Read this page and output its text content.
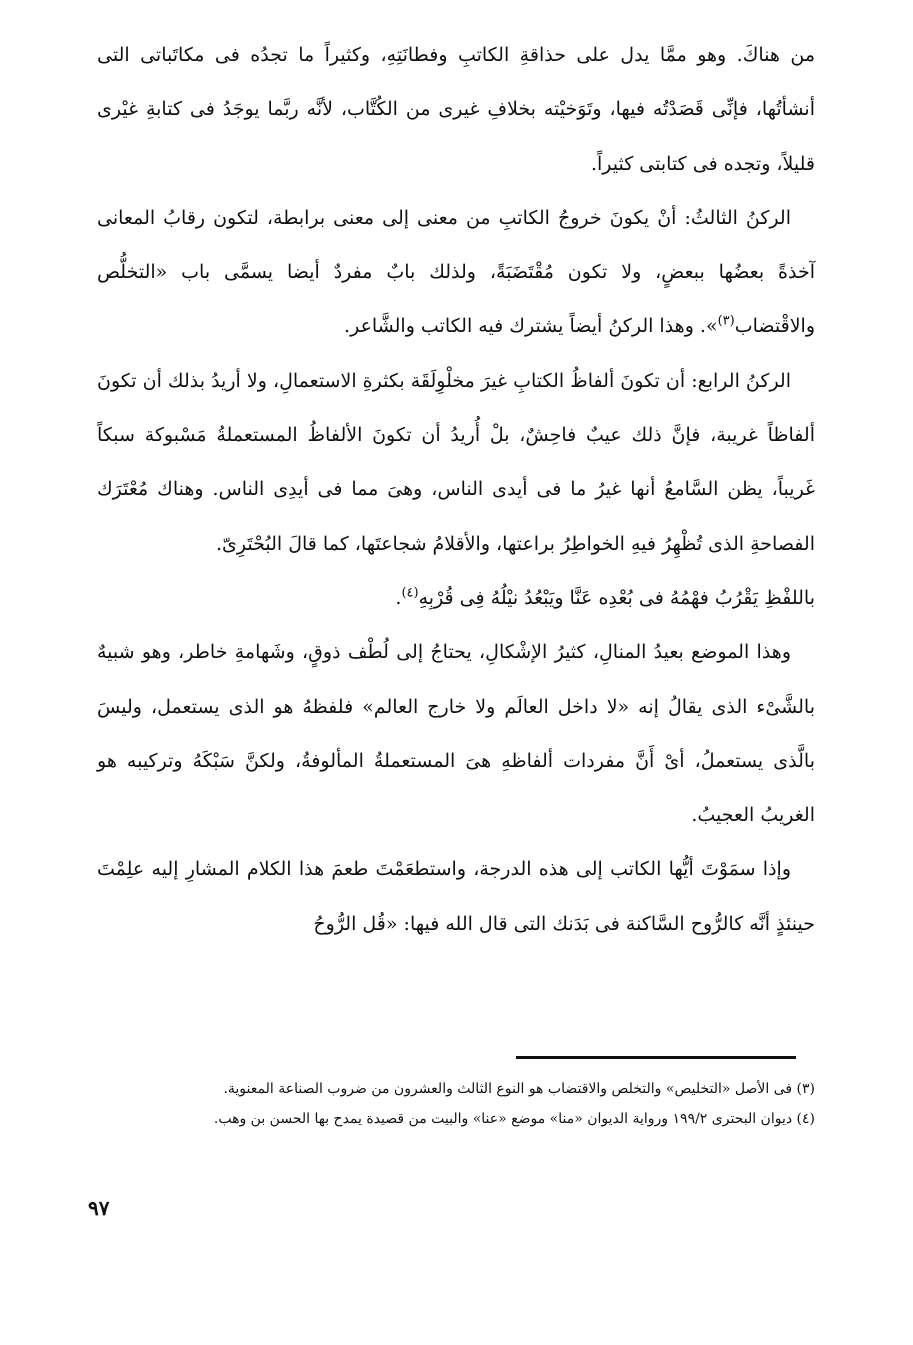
من هناكَ. وهو ممَّا يدل على حذاقةِ الكاتبِ وفطانَتِهِ، وكثيراً ما تجدُه فى مكاتَباتى التى أنشأتُها، فإنِّى قَصَدْتُه فيها، وتَوَخيْته بخلافِ غيرى من الكُتَّاب، لأنَّه ربَّما يوجَدُ فى كتابةِ غيْرى قليلاً، وتجده فى كتابتى كثيراً.

الركنُ الثالثُ: أنْ يكونَ خروجُ الكاتبِ من معنى إلى معنى برابطة، لتكون رقابُ المعانى آخذةً بعضُها ببعضٍ، ولا تكون مُقْتَضَبَةً، ولذلك بابٌ مفردٌ أيضا يسمَّى باب «التخلُّص والاقْتضاب$^{(٣)}$». وهذا الركنُ أيضاً يشترك فيه الكاتب والشَّاعر.

الركنُ الرابع: أن تكونَ ألفاظُ الكتابِ غيرَ مخلْوِلَقَة بكثرةِ الاستعمالِ، ولا أريدُ بذلك أن تكونَ ألفاظاً غريبة، فإنَّ ذلك عيبٌ فاحِشٌ، بلْ أُريدُ أن تكونَ الألفاظُ المستعملةُ مَسْبوكة سبكاً غَريباً، يظن السَّامعُ أنها غيرُ ما فى أيدى الناس، وهىَ مما فى أيدِى الناس. وهناك مُعْتَرَك الفصاحةِ الذى تُظْهِرُ فيهِ الخواطِرُ براعتها، والأقلامُ شجاعتَها، كما قالَ البُحْتَرِىّ.

باللفْظِ يَقْرُبُ فهْمُهُ فى بُعْدِه عَنَّا ويَبْعُدُ نيْلُهُ فِى قُرْبِهِ$^{(٤)}$.

وهذا الموضع بعيدُ المنالِ، كثيرُ الإشْكالِ، يحتاجُ إلى لُطْف ذوقٍ، وشَهامةِ خاطر، وهو شبيهٌ بالشَّىْء الذى يقالُ إنه «لا داخل العالَم ولا خارج العالم» فلفظهُ هو الذى يستعمل، وليسَ بالَّذى يستعملُ، أىْ أَنَّ مفردات ألفاظهِ هىَ المستعملةُ المألوفةُ، ولكنَّ سَبْكَهُ وتركيبه هو الغريبُ العجيبُ.

وإذا سمَوْتَ أيُّها الكاتب إلى هذه الدرجة، واستطعَمْتَ طعمَ هذا الكلام المشارِ إليه علِمْتَ حينئذٍ أنَّه كالرُّوح السَّاكنة فى بَدَنك التى قال الله فيها: «قُل الرُّوحُ

(٣) فى الأصل «التخليص» والتخلص والاقتضاب هو النوع الثالث والعشرون من ضروب الصناعة المعنوية.

(٤) ديوان البحترى ١٩٩/٢ ورواية الديوان «منا» موضع «عنا» والبيت من قصيدة يمدح بها الحسن بن وهب.

٩٧
